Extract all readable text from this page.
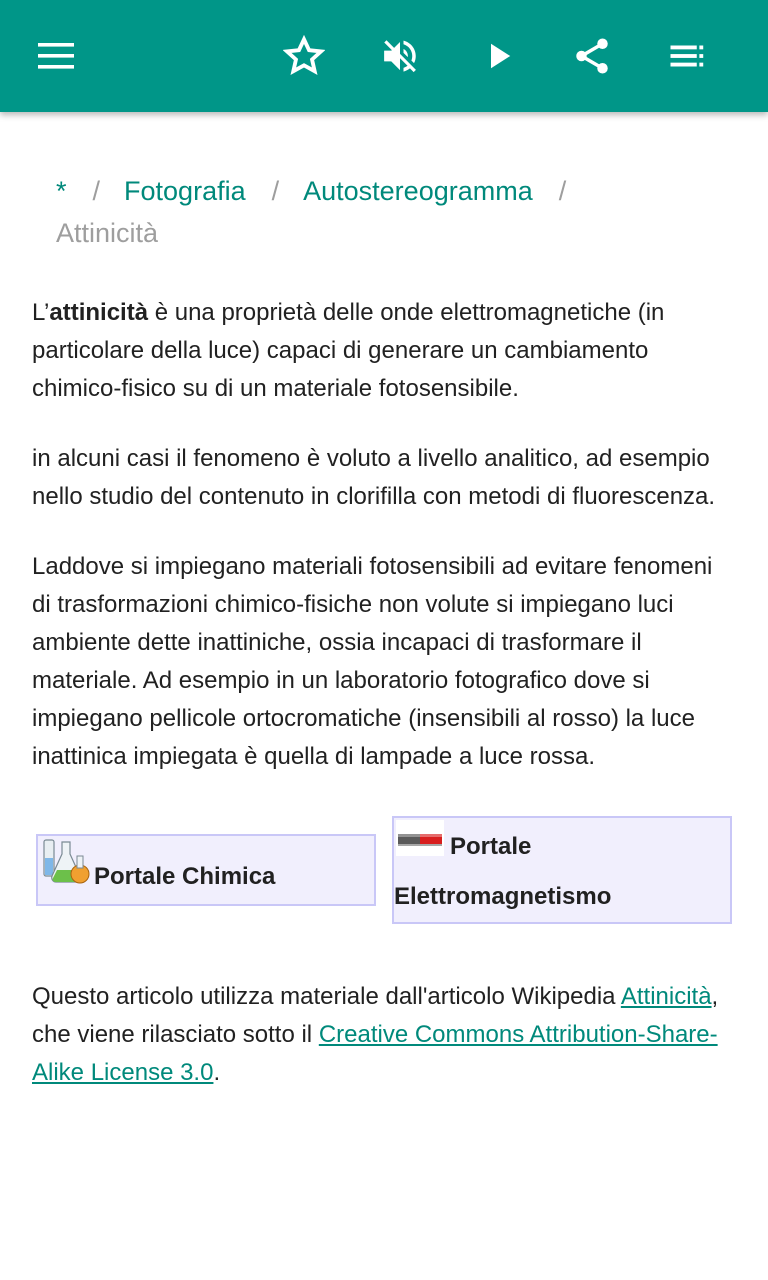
* / Fotografia / Autostereogramma /
Attinicità

L’attinicità è una proprietà delle onde elettromagnetiche (in particolare della luce) capaci di generare un cambiamento chimico-fisico su di un materiale fotosensibile.

in alcuni casi il fenomeno è voluto a livello analitico, ad esempio nello studio del contenuto in clorifilla con metodi di fluorescenza.

Laddove si impiegano materiali fotosensibili ad evitare fenomeni di trasformazioni chimico-fisiche non volute si impiegano luci ambiente dette inattiniche, ossia incapaci di trasformare il materiale. Ad esempio in un laboratorio fotografico dove si impiegano pellicole ortocromatiche (insensibili al rosso) la luce inattinica impiegata è quella di lampade a luce rossa.

Portale Chimica
Portale
Elettromagnetismo

Questo articolo utilizza materiale dall'articolo Wikipedia Attinicità, che viene rilasciato sotto il Creative Commons Attribution-Share-Alike License 3.0.
